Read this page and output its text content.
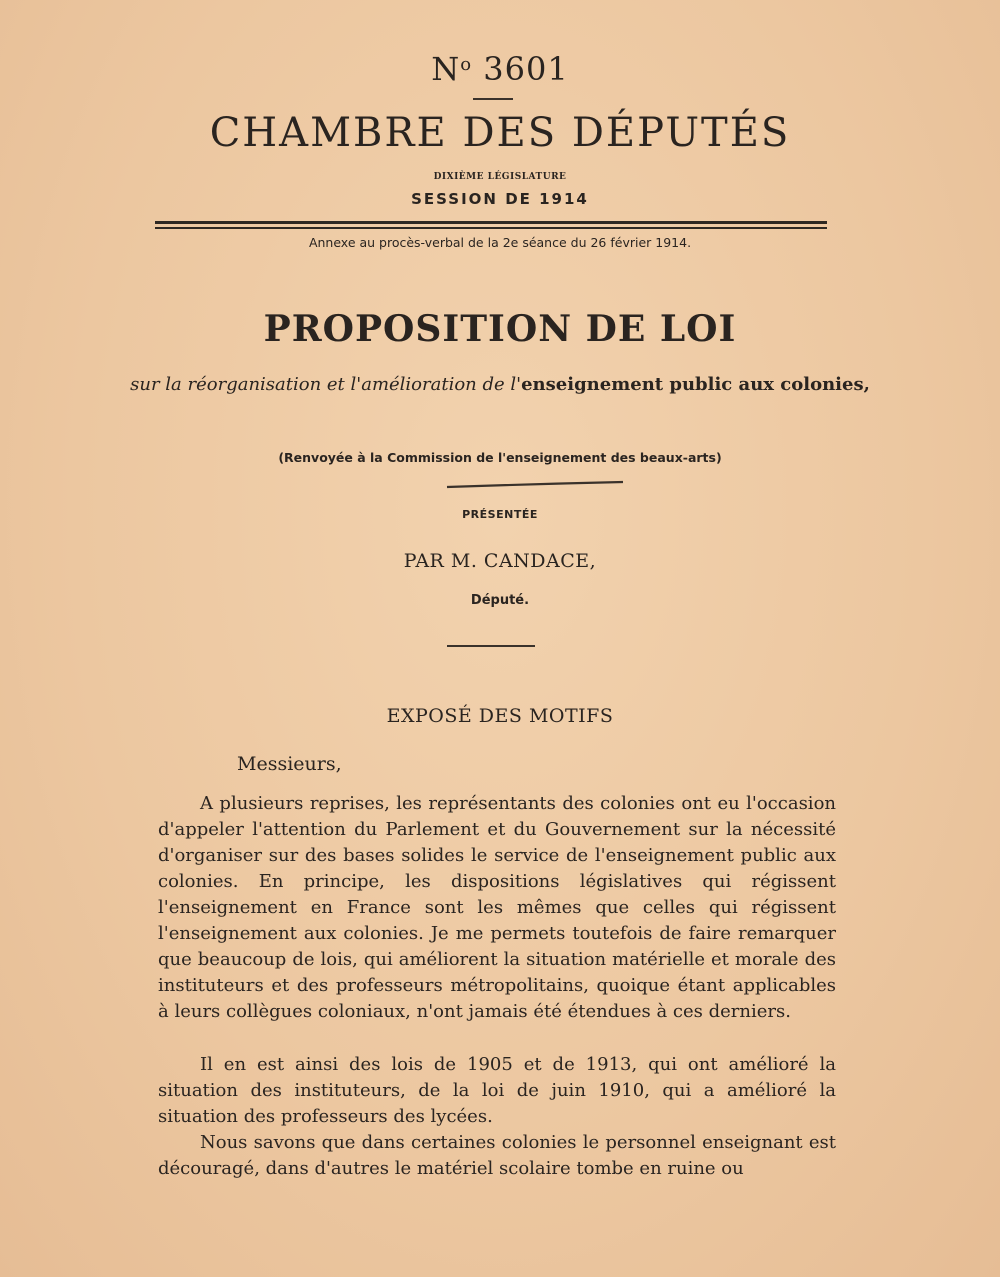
$N^o$ 3601
CHAMBRE DES DÉPUTÉS
DIXIÈME LÉGISLATURE
SESSION DE 1914
Annexe au procès-verbal de la 2e séance du 26 février 1914.
PROPOSITION DE LOI
sur la réorganisation et l'amélioration de l'enseignement public aux colonies,
(Renvoyée à la Commission de l'enseignement des beaux-arts)
PRÉSENTÉE
PAR M. CANDACE,
Député.
EXPOSÉ DES MOTIFS
Messieurs,

A plusieurs reprises, les représentants des colonies ont eu l'occasion d'appeler l'attention du Parlement et du Gouvernement sur la nécessité d'organiser sur des bases solides le service de l'enseignement public aux colonies. En principe, les dispositions législatives qui régissent l'enseignement en France sont les mêmes que celles qui régissent l'enseignement aux colonies. Je me permets toutefois de faire remarquer que beaucoup de lois, qui améliorent la situation matérielle et morale des instituteurs et des professeurs métropolitains, quoique étant applicables à leurs collègues coloniaux, n'ont jamais été étendues à ces derniers.

Il en est ainsi des lois de 1905 et de 1913, qui ont amélioré la situation des instituteurs, de la loi de juin 1910, qui a amélioré la situation des professeurs des lycées.

Nous savons que dans certaines colonies le personnel enseignant est découragé, dans d'autres le matériel scolaire tombe en ruine ou
